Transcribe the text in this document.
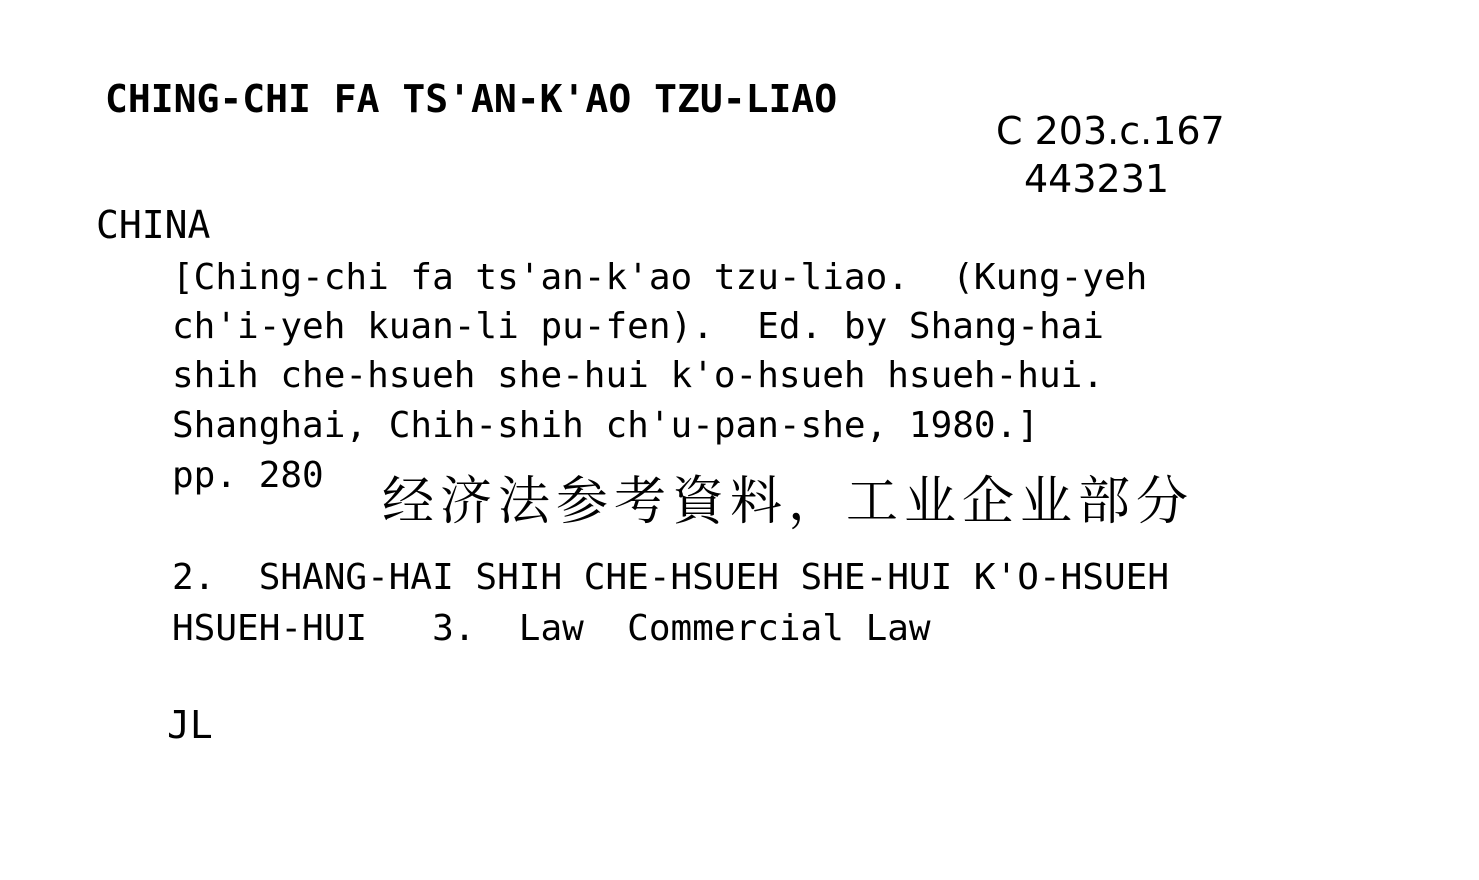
CHING-CHI FA TS'AN-K'AO TZU-LIAO
C 203.c.167
443231
CHINA
[Ching-chi fa ts'an-k'ao tzu-liao.  (Kung-yeh
ch'i-yeh kuan-li pu-fen).  Ed. by Shang-hai
shih che-hsueh she-hui k'o-hsueh hsueh-hui.
Shanghai, Chih-shih ch'u-pan-she, 1980.]
pp. 280 经济法参考資料，工业企业部分
2.  SHANG-HAI SHIH CHE-HSUEH SHE-HUI K'O-HSUEH
HSUEH-HUI   3.  Law  Commercial Law
JL
